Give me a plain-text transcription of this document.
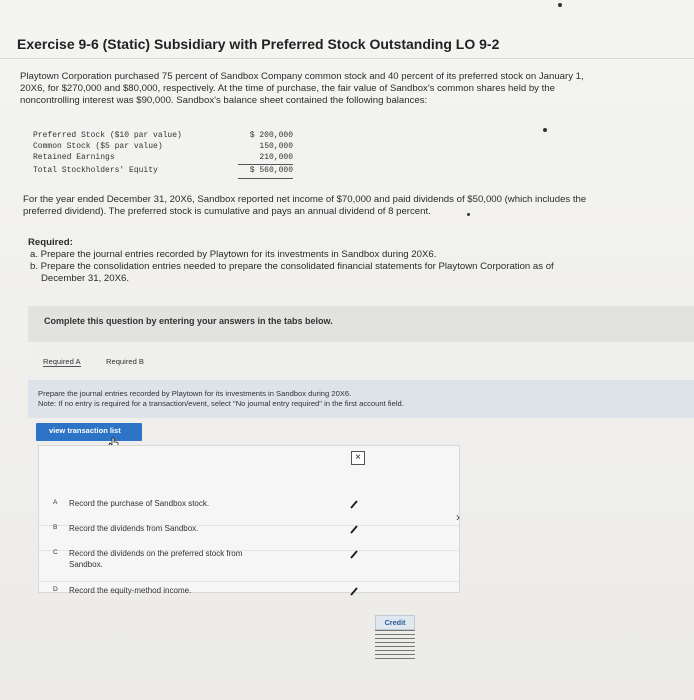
Exercise 9-6 (Static) Subsidiary with Preferred Stock Outstanding LO 9-2
Playtown Corporation purchased 75 percent of Sandbox Company common stock and 40 percent of its preferred stock on January 1,
20X6, for $270,000 and $80,000, respectively. At the time of purchase, the fair value of Sandbox's common shares held by the
noncontrolling interest was $90,000. Sandbox's balance sheet contained the following balances:
Preferred Stock ($10 par value)	$ 200,000
Common Stock ($5 par value)	150,000
Retained Earnings	210,000
Total Stockholders' Equity	$ 560,000
For the year ended December 31, 20X6, Sandbox reported net income of $70,000 and paid dividends of $50,000 (which includes the
preferred dividend). The preferred stock is cumulative and pays an annual dividend of 8 percent.
Required:
a. Prepare the journal entries recorded by Playtown for its investments in Sandbox during 20X6.
b. Prepare the consolidation entries needed to prepare the consolidated financial statements for Playtown Corporation as of
December 31, 20X6.
Complete this question by entering your answers in the tabs below.
Required A	Required B
Prepare the journal entries recorded by Playtown for its investments in Sandbox during 20X6.
Note: If no entry is required for a transaction/event, select "No journal entry required" in the first account field.
view transaction list
A Record the purchase of Sandbox stock.
B Record the dividends from Sandbox.
C Record the dividends on the preferred stock from
Sandbox.
D Record the equity-method income.
×
›
Credit
